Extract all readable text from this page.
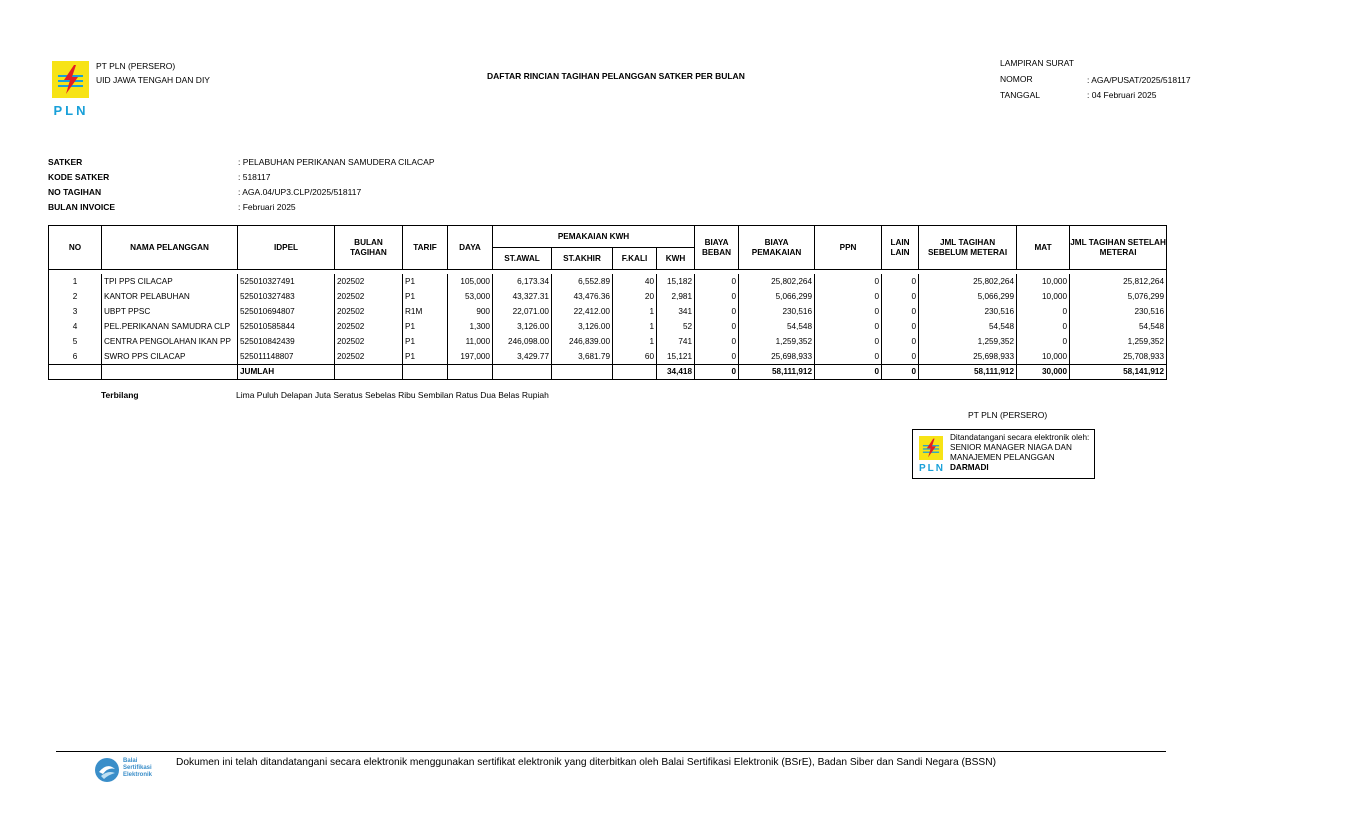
PLN
PT PLN (PERSERO)
UID JAWA TENGAH DAN DIY	DAFTAR RINCIAN TAGIHAN PELANGGAN SATKER PER BULAN
LAMPIRAN SURAT
NOMOR	: AGA/PUSAT/2025/518117
TANGGAL	: 04 Februari 2025
SATKER	: PELABUHAN PERIKANAN SAMUDERA CILACAP
KODE SATKER	: 518117
NO TAGIHAN	: AGA.04/UP3.CLP/2025/518117
BULAN INVOICE	: Februari 2025
NO	NAMA PELANGGAN	IDPEL	BULAN TAGIHAN	TARIF	DAYA	PEMAKAIAN KWH				BIAYA BEBAN	BIAYA PEMAKAIAN	PPN	LAIN LAIN	JML TAGIHAN SEBELUM METERAI	MAT	JML TAGIHAN SETELAH METERAI
						ST.AWAL	ST.AKHIR	F.KALI	KWH							

1	TPI PPS CILACAP	525010327491	202502	P1	105,000	6,173.34	6,552.89	40	15,182	0	25,802,264	0	0	25,802,264	10,000	25,812,264
2	KANTOR PELABUHAN	525010327483	202502	P1	53,000	43,327.31	43,476.36	20	2,981	0	5,066,299	0	0	5,066,299	10,000	5,076,299
3	UBPT PPSC	525010694807	202502	R1M	900	22,071.00	22,412.00	1	341	0	230,516	0	0	230,516	0	230,516
4	PEL.PERIKANAN SAMUDRA CLP	525010585844	202502	P1	1,300	3,126.00	3,126.00	1	52	0	54,548	0	0	54,548	0	54,548
5	CENTRA PENGOLAHAN IKAN PP	525010842439	202502	P1	11,000	246,098.00	246,839.00	1	741	0	1,259,352	0	0	1,259,352	0	1,259,352
6	SWRO PPS CILACAP	525011148807	202502	P1	197,000	3,429.77	3,681.79	60	15,121	0	25,698,933	0	0	25,698,933	10,000	25,708,933
		JUMLAH							34,418	0	58,111,912	0	0	58,111,912	30,000	58,141,912
Terbilang	Lima Puluh Delapan Juta Seratus Sebelas Ribu Sembilan Ratus Dua Belas Rupiah
PT PLN (PERSERO)
PLN
Ditandatangani secara elektronik oleh:
SENIOR MANAGER NIAGA DAN
MANAJEMEN PELANGGAN
DARMADI
Balai
Sertifikasi
Elektronik
Dokumen ini telah ditandatangani secara elektronik menggunakan sertifikat elektronik yang diterbitkan oleh Balai Sertifikasi Elektronik (BSrE), Badan Siber dan Sandi Negara (BSSN)
